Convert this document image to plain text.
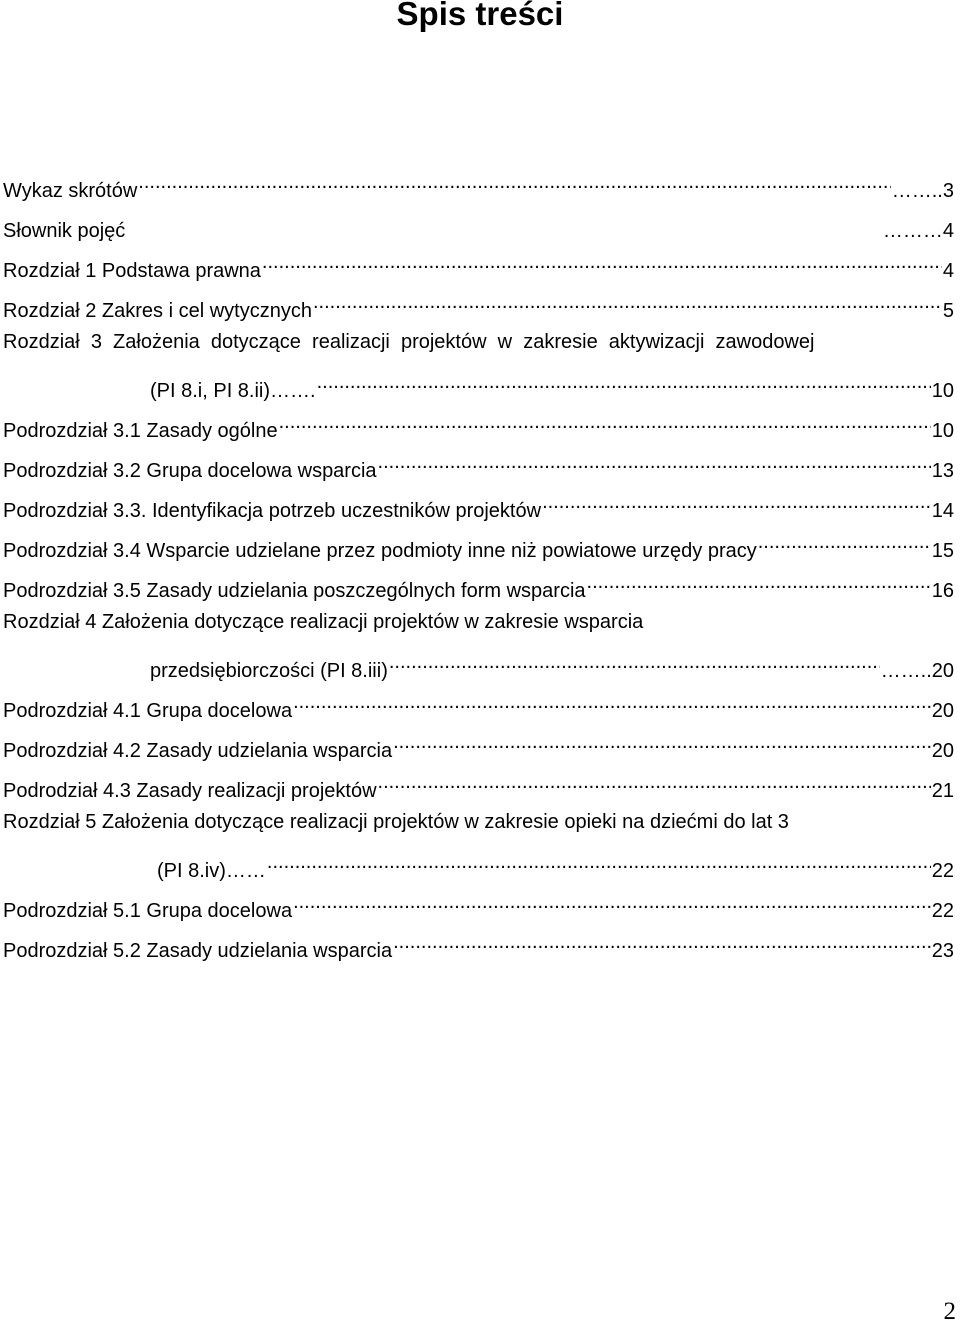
Spis treści
Wykaz skrótów .....	……..3
Słownik pojęć	………4
Rozdział 1 Podstawa prawna .....	4
Rozdział 2 Zakres i cel wytycznych .....	5
Rozdział  3  Założenia  dotyczące  realizacji  projektów  w  zakresie  aktywizacji  zawodowej
(PI 8.i, PI 8.ii)……. .....	10
Podrozdział 3.1 Zasady ogólne .....	10
Podrozdział 3.2 Grupa docelowa wsparcia .....	13
Podrozdział 3.3. Identyfikacja potrzeb uczestników projektów .....	14
Podrozdział 3.4 Wsparcie udzielane przez podmioty inne niż powiatowe urzędy pracy .....	15
Podrozdział 3.5 Zasady udzielania poszczególnych form wsparcia .....	16
Rozdział 4 Założenia dotyczące realizacji projektów w zakresie wsparcia
przedsiębiorczości (PI 8.iii) .....	……..20
Podrozdział 4.1 Grupa docelowa .....	20
Podrozdział 4.2 Zasady udzielania wsparcia .....	20
Podrodział 4.3 Zasady realizacji projektów .....	21
Rozdział 5 Założenia dotyczące realizacji projektów w zakresie opieki na dziećmi do lat 3
(PI 8.iv)…… .....	22
Podrozdział 5.1 Grupa docelowa .....	22
Podrozdział 5.2 Zasady udzielania wsparcia .....	23
2
